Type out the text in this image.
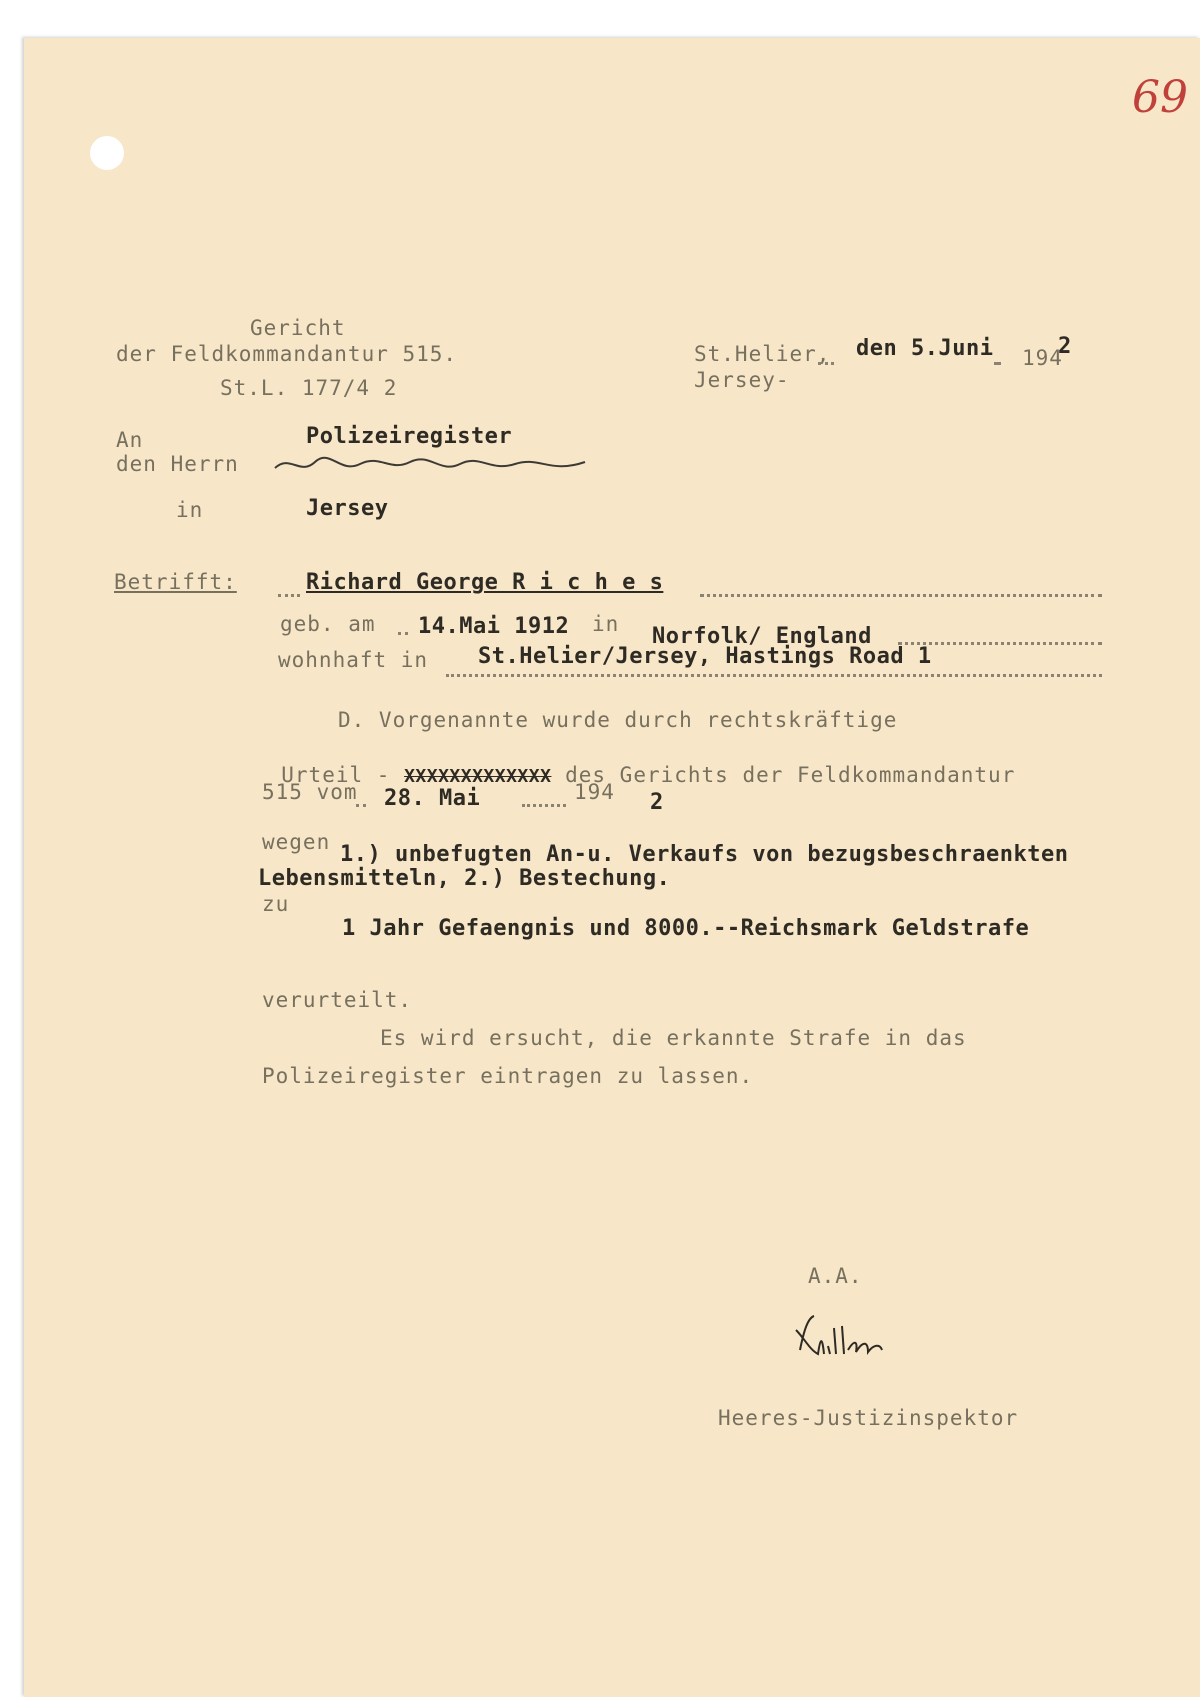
69
Gericht
der Feldkommandantur 515.
St.L. 177/4 2
St.Helier, den 5.Juni 194
2
Jersey-
An
den Herrn
Polizeiregister
in	Jersey
Betrifft:	Richard George R i c h e s
geb. am 14.Mai 1912 in Norfolk/ England
wohnhaft in St.Helier/Jersey, Hastings Road 1
D. Vorgenannte wurde durch rechtskräftige

Urteil - XXXXXXXXXXXXX des Gerichts der Feldkommandantur

515 vom 28. Mai	194 2
wegen 1.) unbefugten An-u. Verkaufs von bezugsbeschraenkten
Lebensmitteln, 2.) Bestechung.
zu
1 Jahr Gefaengnis und 8000.--Reichsmark Geldstrafe
verurteilt.
Es wird ersucht, die erkannte Strafe in das
Polizeiregister eintragen zu lassen.
A.A.
Heeres-Justizinspektor
